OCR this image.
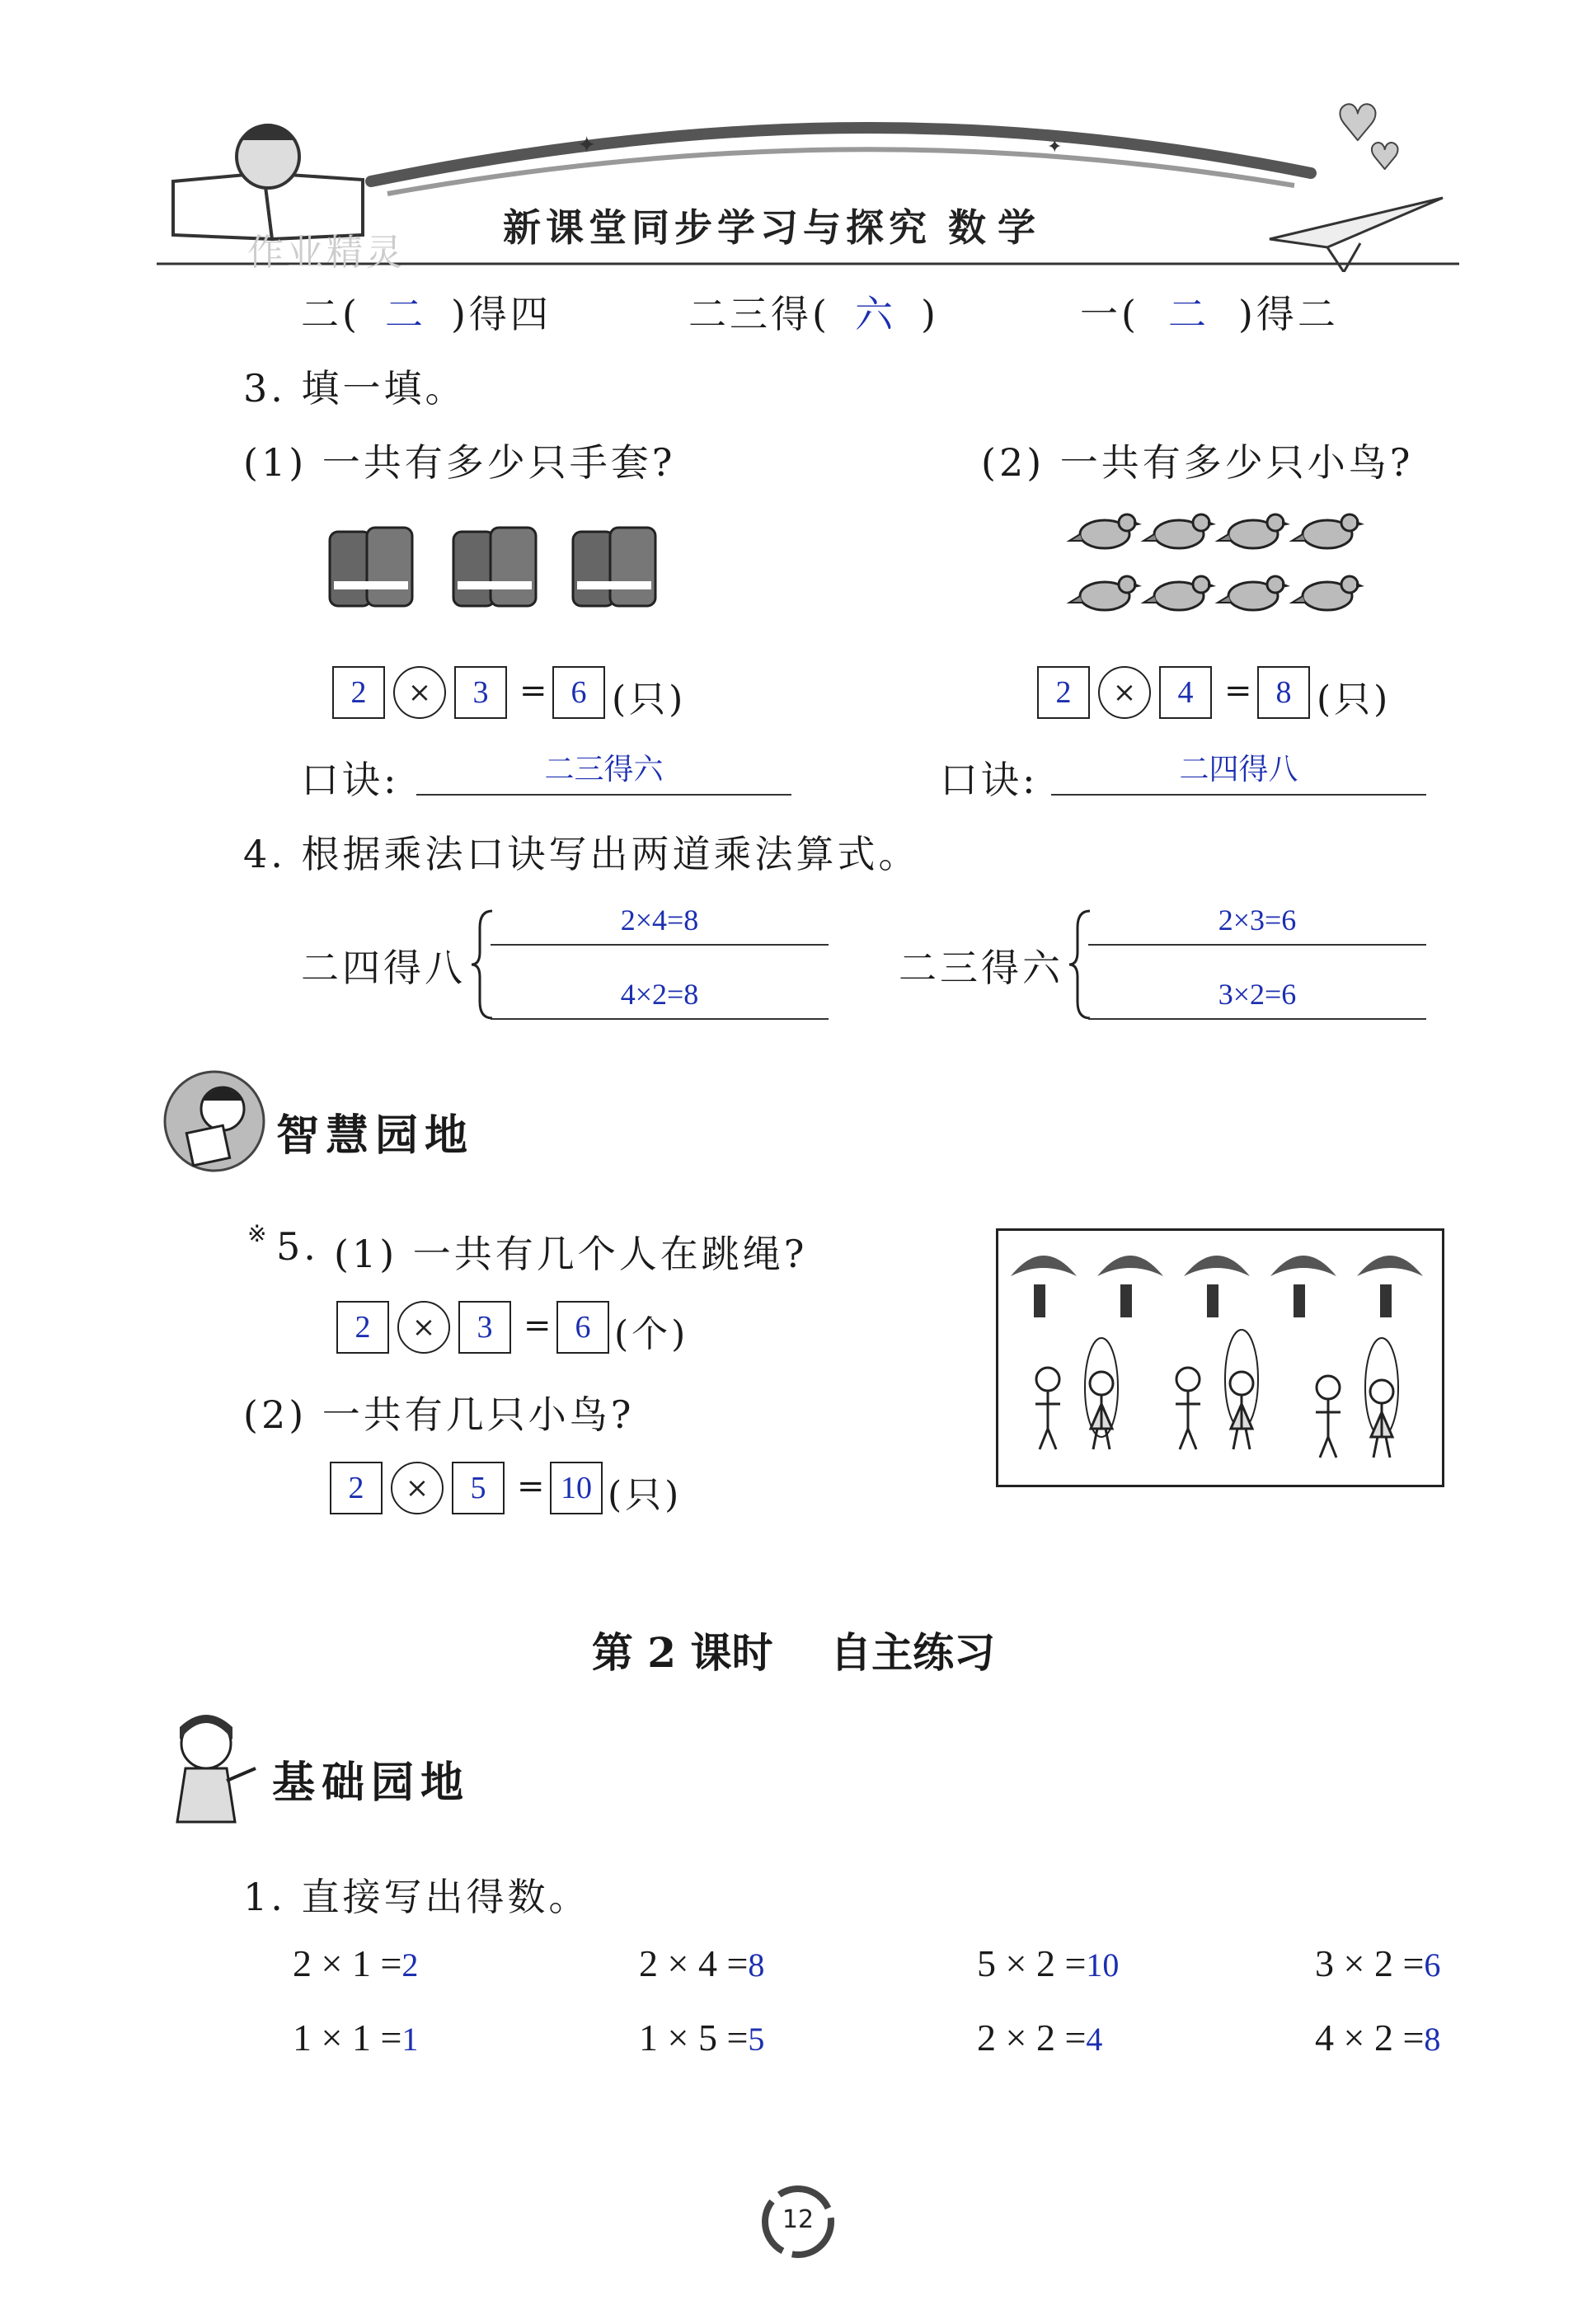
✦	✦	♥
♥
新课堂同步学习与探究 数学
作业精灵
二( 二 )得四	二三得( 六 )	一( 二 )得二
3. 填一填。
(1) 一共有多少只手套?	(2) 一共有多少只小鸟?
2	×	3 = 6 (只)	2	×	4 = 8 (只)
口诀:	二三得六	口诀:	二四得八
4. 根据乘法口诀写出两道乘法算式。
二四得八
2×4=8
4×2=8
二三得六
2×3=6
3×2=6
智慧园地
※ 5. (1) 一共有几个人在跳绳?
2	×	3 = 6 (个)
(2) 一共有几只小鸟?
2	×	5 = 10 (只)
第 2 课时    自主练习
基础园地
1. 直接写出得数。
2 × 1 =2	2 × 4 =8	5 × 2 =10	3 × 2 =6
1 × 1 =1	1 × 5 =5	2 × 2 =4	4 × 2 =8
12
